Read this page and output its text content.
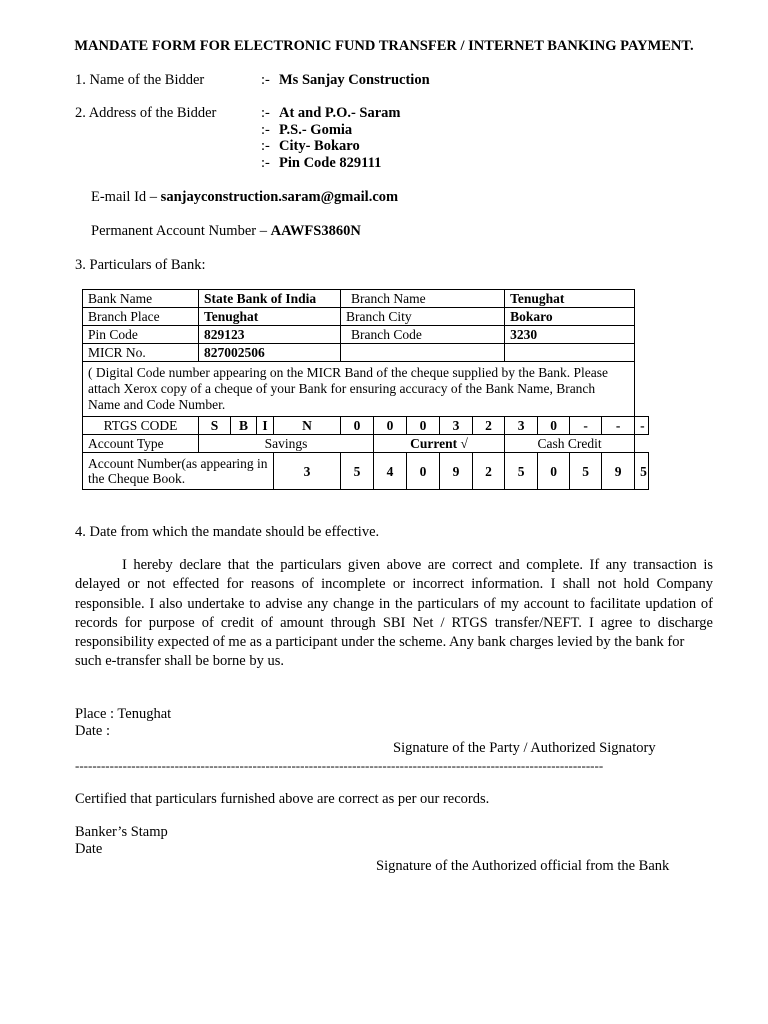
MANDATE FORM FOR ELECTRONIC FUND TRANSFER / INTERNET BANKING PAYMENT.
1. Name of the Bidder	:- Ms Sanjay Construction
2. Address of the Bidder	:- At and P.O.- Saram
:- P.S.- Gomia
:- City- Bokaro
:- Pin Code 829111
E-mail Id – sanjayconstruction.saram@gmail.com
Permanent Account Number – AAWFS3860N
3. Particulars of Bank:
Bank Name	State Bank of India				Branch Name					Tenughat				
Branch Place	Tenughat				Branch City					Bokaro				
Pin Code	829123				Branch Code					3230				
MICR No.	827002506													
( Digital Code number appearing on the MICR Band of the cheque supplied by the Bank. Please attach Xerox copy of a cheque of your Bank for ensuring accuracy of the Bank Name, Branch Name and Code Number.														
RTGS CODE	S	B	I	N	0	0	0	3	2	3	0	-	-	-
Account Type	Savings					Current √				Cash Credit				
Account Number(as appearing in the Cheque Book.				3	5	4	0	9	2	5	0	5	9	5
4. Date from which the mandate should be effective.
I hereby declare that the particulars given above are correct and complete. If any transaction is delayed or not effected for reasons of incomplete or incorrect information. I shall not hold Company responsible. I also undertake to advise any change in the particulars of my account to facilitate updation of records for purpose of credit of amount through SBI Net / RTGS transfer/NEFT. I agree to discharge responsibility expected of me as a participant under the scheme. Any bank charges levied by the bank for
such e-transfer shall be borne by us.
Place : Tenughat
Date :
Signature of the Party / Authorized Signatory
--------------------------------------------------------------------------------------------------------------------------
Certified that particulars furnished above are correct as per our records.
Banker’s Stamp
Date
Signature of the Authorized official from the Bank
